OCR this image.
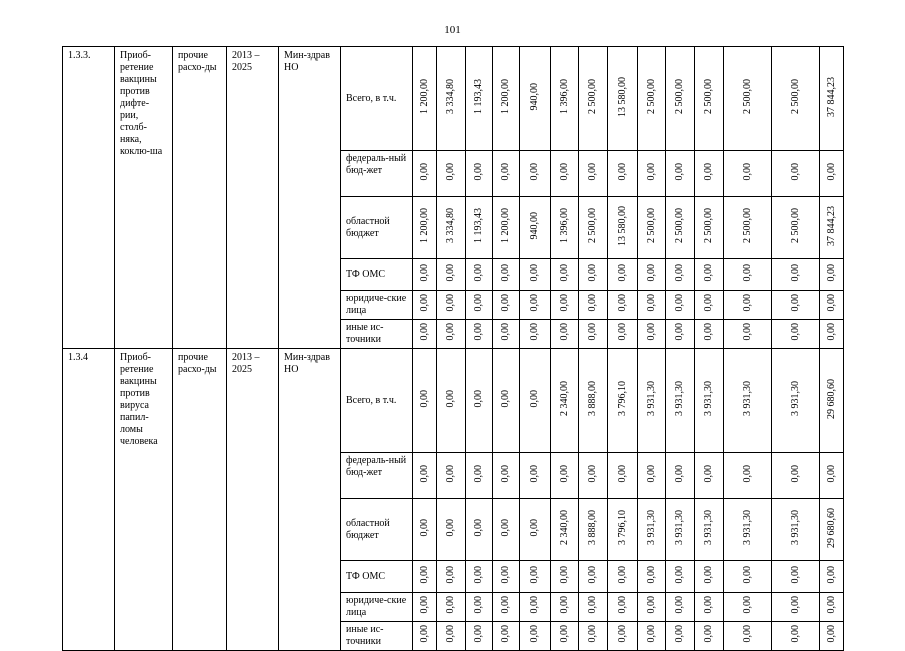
101
1.3.3.	Приоб-ретение вакцины против дифте-рии, столб-няка, коклю-ша	прочие расхо-ды	2013 – 2025	Мин-здрав НО	Всего, в т.ч.	1 200,00	3 334,80	1 193,43	1 200,00	940,00	1 396,00	2 500,00	13 580,00	2 500,00	2 500,00	2 500,00	2 500,00	2 500,00	37 844,23
					федераль-ный бюд-жет	0,00	0,00	0,00	0,00	0,00	0,00	0,00	0,00	0,00	0,00	0,00	0,00	0,00	0,00
					областной бюджет	1 200,00	3 334,80	1 193,43	1 200,00	940,00	1 396,00	2 500,00	13 580,00	2 500,00	2 500,00	2 500,00	2 500,00	2 500,00	37 844,23
					ТФ ОМС	0,00	0,00	0,00	0,00	0,00	0,00	0,00	0,00	0,00	0,00	0,00	0,00	0,00	0,00
					юридиче-ские лица	0,00	0,00	0,00	0,00	0,00	0,00	0,00	0,00	0,00	0,00	0,00	0,00	0,00	0,00
					иные ис-точники	0,00	0,00	0,00	0,00	0,00	0,00	0,00	0,00	0,00	0,00	0,00	0,00	0,00	0,00
1.3.4	Приоб-ретение вакцины против вируса папил-ломы человека	прочие расхо-ды	2013 – 2025	Мин-здрав НО	Всего, в т.ч.	0,00	0,00	0,00	0,00	0,00	2 340,00	3 888,00	3 796,10	3 931,30	3 931,30	3 931,30	3 931,30	3 931,30	29 680,60
					федераль-ный бюд-жет	0,00	0,00	0,00	0,00	0,00	0,00	0,00	0,00	0,00	0,00	0,00	0,00	0,00	0,00
					областной бюджет	0,00	0,00	0,00	0,00	0,00	2 340,00	3 888,00	3 796,10	3 931,30	3 931,30	3 931,30	3 931,30	3 931,30	29 680,60
					ТФ ОМС	0,00	0,00	0,00	0,00	0,00	0,00	0,00	0,00	0,00	0,00	0,00	0,00	0,00	0,00
					юридиче-ские лица	0,00	0,00	0,00	0,00	0,00	0,00	0,00	0,00	0,00	0,00	0,00	0,00	0,00	0,00
					иные ис-точники	0,00	0,00	0,00	0,00	0,00	0,00	0,00	0,00	0,00	0,00	0,00	0,00	0,00	0,00
